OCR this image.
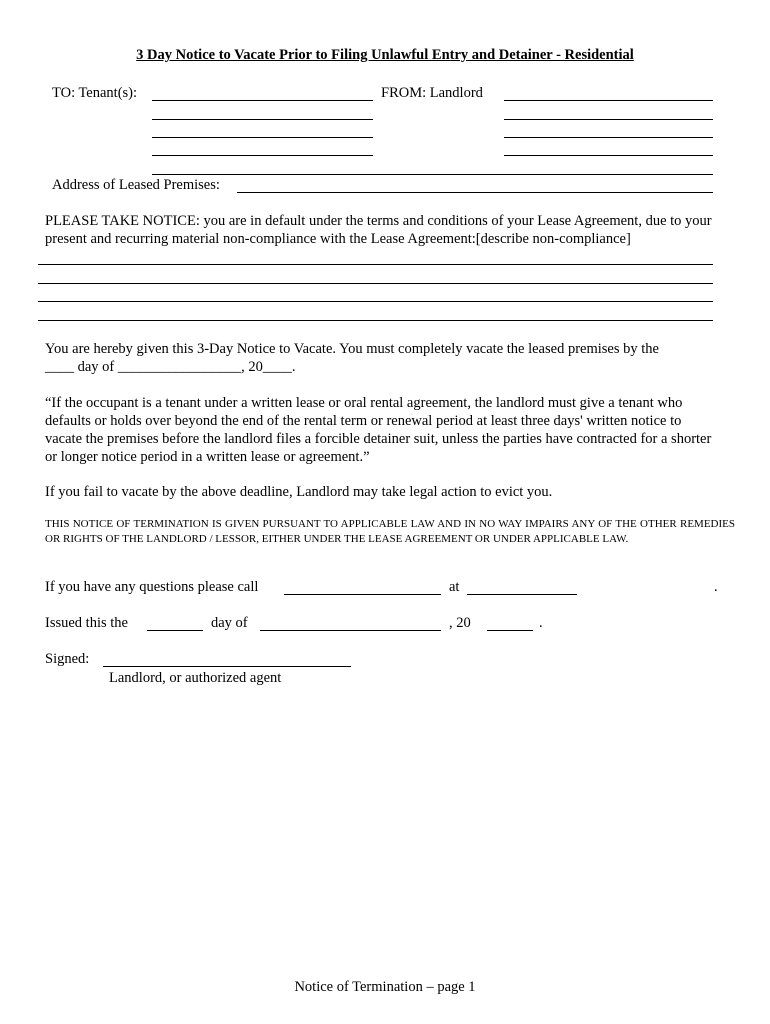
3 Day Notice to Vacate Prior to Filing Unlawful Entry and Detainer - Residential
TO: Tenant(s):	FROM: Landlord
Address of Leased Premises:
PLEASE TAKE NOTICE: you are in default under the terms and conditions of your Lease Agreement, due to your present and recurring material non-compliance with the Lease Agreement:[describe non-compliance]
You are hereby given this 3-Day Notice to Vacate. You must completely vacate the leased premises by the
____ day of _________________, 20____.
“If the occupant is a tenant under a written lease or oral rental agreement, the landlord must give a tenant who defaults or holds over beyond the end of the rental term or renewal period at least three days' written notice to vacate the premises before the landlord files a forcible detainer suit, unless the parties have contracted for a shorter or longer notice period in a written lease or agreement.”
If you fail to vacate by the above deadline, Landlord may take legal action to evict you.
THIS NOTICE OF TERMINATION IS GIVEN PURSUANT TO APPLICABLE LAW AND IN NO WAY IMPAIRS ANY OF THE OTHER REMEDIES OR RIGHTS OF THE LANDLORD / LESSOR, EITHER UNDER THE LEASE AGREEMENT OR UNDER APPLICABLE LAW.
If you have any questions please call	at	.
Issued this the	day of	, 20	.
Signed:
Landlord, or authorized agent
Notice of Termination – page 1
